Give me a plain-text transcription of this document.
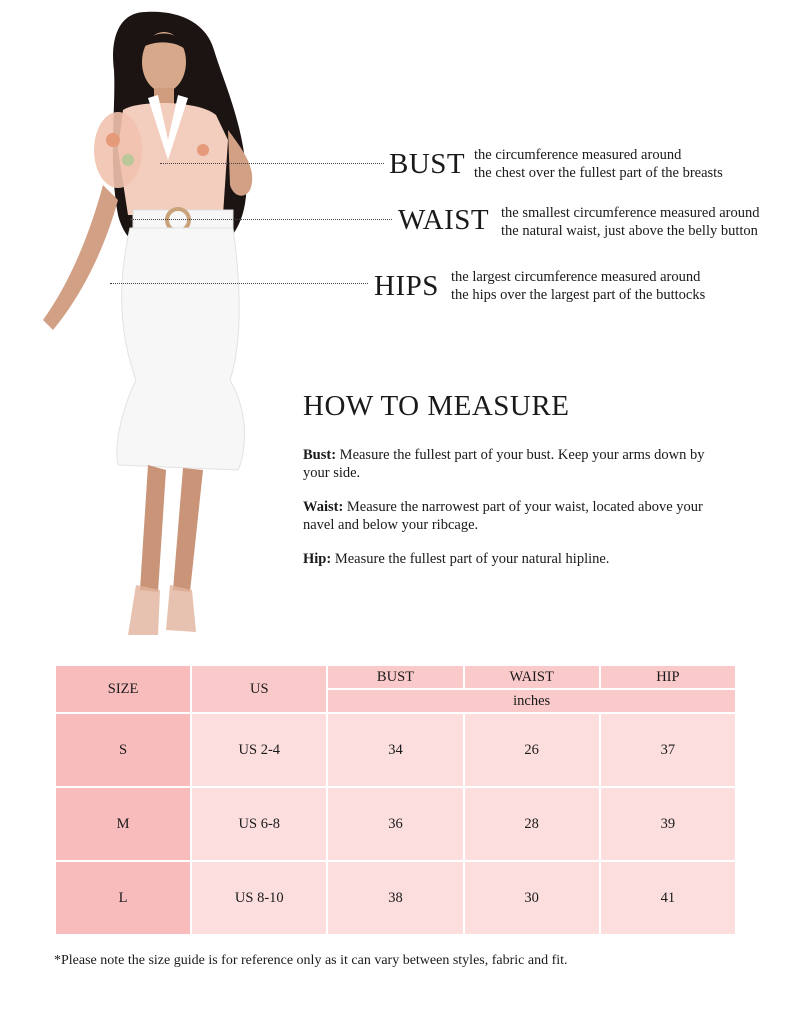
BUST the circumference measured around
the chest over the fullest part of the breasts
WAIST the smallest circumference measured around
the natural waist, just above the belly button
HIPS the largest circumference measured around
the hips over the largest part of the buttocks
HOW TO MEASURE
Bust: Measure the fullest part of your bust. Keep your arms down by your side.
Waist: Measure the narrowest part of your waist, located above your navel and below your ribcage.
Hip: Measure the fullest part of your natural hipline.
SIZE	US	BUST	WAIST	HIP
		inches		
S	US 2-4	34	26	37
M	US 6-8	36	28	39
L	US 8-10	38	30	41
*Please note the size guide is for reference only as it can vary between styles, fabric and fit.
